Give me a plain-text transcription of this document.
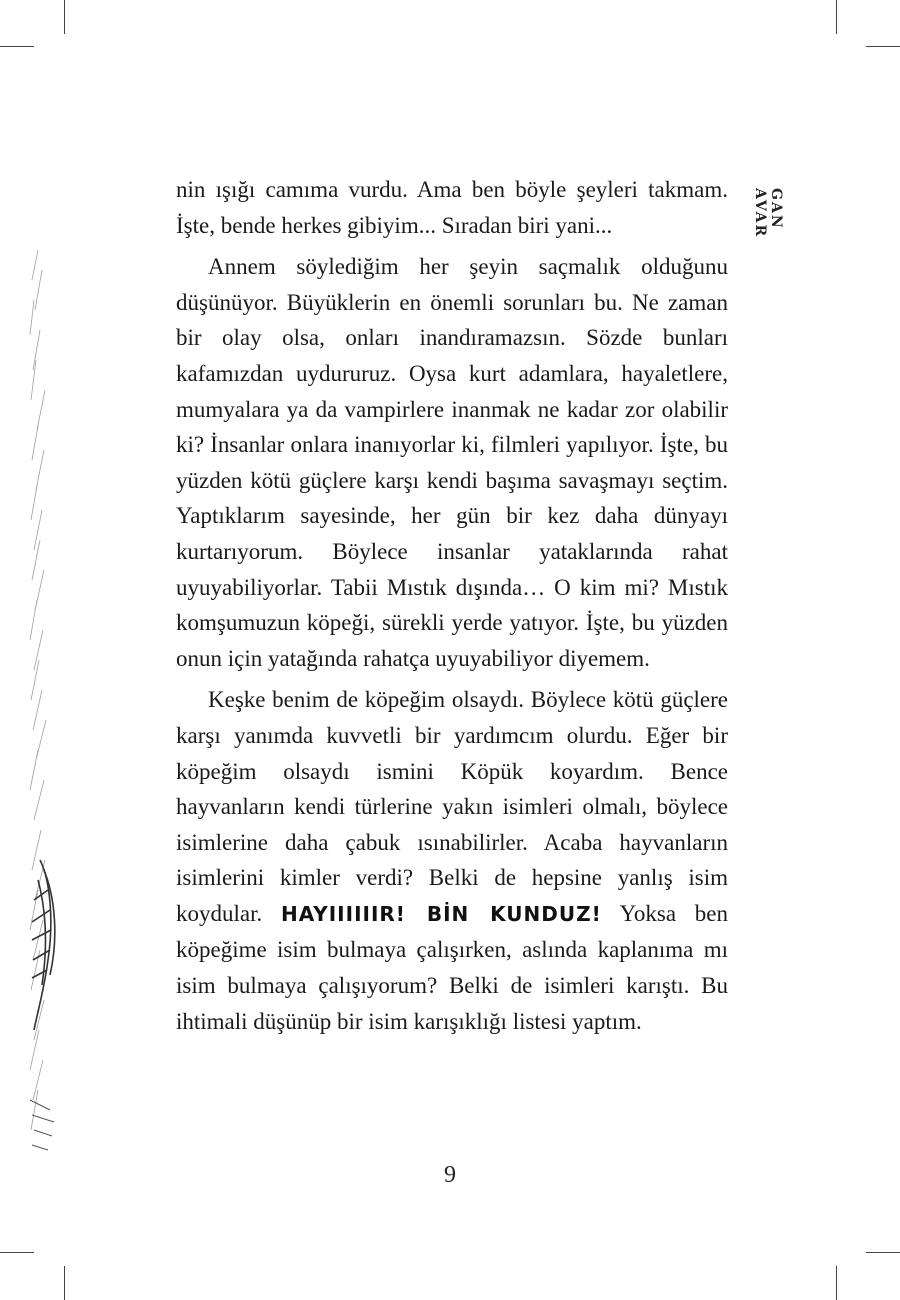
GAN
AVAR

nin ışığı camıma vurdu. Ama ben böyle şeyleri takmam. İşte, bende herkes gibiyim... Sıradan biri yani...

Annem söylediğim her şeyin saçmalık olduğunu düşünüyor. Büyüklerin en önemli sorunları bu. Ne zaman bir olay olsa, onları inandıramazsın. Sözde bunları kafamızdan uydururuz. Oysa kurt adamlara, hayaletlere, mumyalara ya da vampirlere inanmak ne kadar zor olabilir ki? İnsanlar onlara inanıyorlar ki, filmleri yapılıyor. İşte, bu yüzden kötü güçlere karşı kendi başıma savaşmayı seçtim. Yaptıklarım sayesinde, her gün bir kez daha dünyayı kurtarıyorum. Böylece insanlar yataklarında rahat uyuyabiliyorlar. Tabii Mıstık dışında… O kim mi? Mıstık komşumuzun köpeği, sürekli yerde yatıyor. İşte, bu yüzden onun için yatağında rahatça uyuyabiliyor diyemem.

Keşke benim de köpeğim olsaydı. Böylece kötü güçlere karşı yanımda kuvvetli bir yardımcım olurdu. Eğer bir köpeğim olsaydı ismini Köpük koyardım. Bence hayvanların kendi türlerine yakın isimleri olmalı, böylece isimlerine daha çabuk ısınabilirler. Acaba hayvanların isimlerini kimler verdi? Belki de hepsine yanlış isim koydular. HAYIIIIIIR! BİN KUNDUZ! Yoksa ben köpeğime isim bulmaya çalışırken, aslında kaplanıma mı isim bulmaya çalışıyorum? Belki de isimleri karıştı. Bu ihtimali düşünüp bir isim karışıklığı listesi yaptım.

9
